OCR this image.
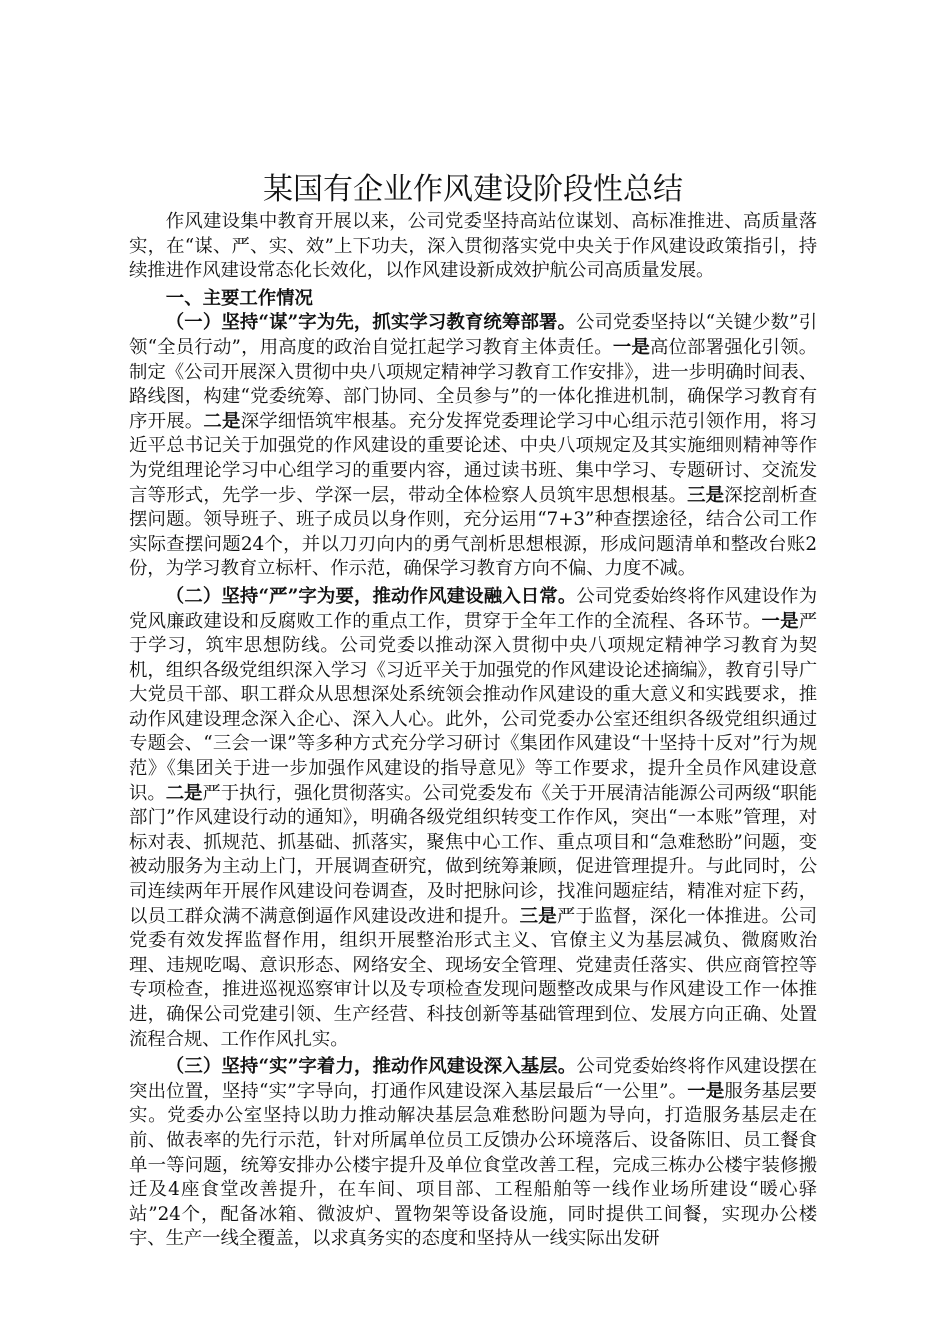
某国有企业作风建设阶段性总结

作风建设集中教育开展以来，公司党委坚持高站位谋划、高标准推进、高质量落实，在“谋、严、实、效”上下功夫，深入贯彻落实党中央关于作风建设政策指引，持续推进作风建设常态化长效化，以作风建设新成效护航公司高质量发展。

一、主要工作情况

（一）坚持“谋”字为先，抓实学习教育统筹部署。公司党委坚持以“关键少数”引领“全员行动”，用高度的政治自觉扛起学习教育主体责任。一是高位部署强化引领。制定《公司开展深入贯彻中央八项规定精神学习教育工作安排》，进一步明确时间表、路线图，构建“党委统筹、部门协同、全员参与”的一体化推进机制，确保学习教育有序开展。二是深学细悟筑牢根基。充分发挥党委理论学习中心组示范引领作用，将习近平总书记关于加强党的作风建设的重要论述、中央八项规定及其实施细则精神等作为党组理论学习中心组学习的重要内容，通过读书班、集中学习、专题研讨、交流发言等形式，先学一步、学深一层，带动全体检察人员筑牢思想根基。三是深挖剖析查摆问题。领导班子、班子成员以身作则，充分运用“7+3”种查摆途径，结合公司工作实际查摆问题24个，并以刀刃向内的勇气剖析思想根源，形成问题清单和整改台账2份，为学习教育立标杆、作示范，确保学习教育方向不偏、力度不减。

（二）坚持“严”字为要，推动作风建设融入日常。公司党委始终将作风建设作为党风廉政建设和反腐败工作的重点工作，贯穿于全年工作的全流程、各环节。一是严于学习，筑牢思想防线。公司党委以推动深入贯彻中央八项规定精神学习教育为契机，组织各级党组织深入学习《习近平关于加强党的作风建设论述摘编》，教育引导广大党员干部、职工群众从思想深处系统领会推动作风建设的重大意义和实践要求，推动作风建设理念深入企心、深入人心。此外，公司党委办公室还组织各级党组织通过专题会、“三会一课”等多种方式充分学习研讨《集团作风建设“十坚持十反对”行为规范》《集团关于进一步加强作风建设的指导意见》等工作要求，提升全员作风建设意识。二是严于执行，强化贯彻落实。公司党委发布《关于开展清洁能源公司两级“职能部门”作风建设行动的通知》，明确各级党组织转变工作作风，突出“一本账”管理，对标对表、抓规范、抓基础、抓落实，聚焦中心工作、重点项目和“急难愁盼”问题，变被动服务为主动上门，开展调查研究，做到统筹兼顾，促进管理提升。与此同时，公司连续两年开展作风建设问卷调查，及时把脉问诊，找准问题症结，精准对症下药，以员工群众满不满意倒逼作风建设改进和提升。三是严于监督，深化一体推进。公司党委有效发挥监督作用，组织开展整治形式主义、官僚主义为基层减负、微腐败治理、违规吃喝、意识形态、网络安全、现场安全管理、党建责任落实、供应商管控等专项检查，推进巡视巡察审计以及专项检查发现问题整改成果与作风建设工作一体推进，确保公司党建引领、生产经营、科技创新等基础管理到位、发展方向正确、处置流程合规、工作作风扎实。

（三）坚持“实”字着力，推动作风建设深入基层。公司党委始终将作风建设摆在突出位置，坚持“实”字导向，打通作风建设深入基层最后“一公里”。一是服务基层要实。党委办公室坚持以助力推动解决基层急难愁盼问题为导向，打造服务基层走在前、做表率的先行示范，针对所属单位员工反馈办公环境落后、设备陈旧、员工餐食单一等问题，统筹安排办公楼宇提升及单位食堂改善工程，完成三栋办公楼宇装修搬迁及4座食堂改善提升，在车间、项目部、工程船舶等一线作业场所建设“暖心驿站”24个，配备冰箱、微波炉、置物架等设备设施，同时提供工间餐，实现办公楼宇、生产一线全覆盖，以求真务实的态度和坚持从一线实际出发研
